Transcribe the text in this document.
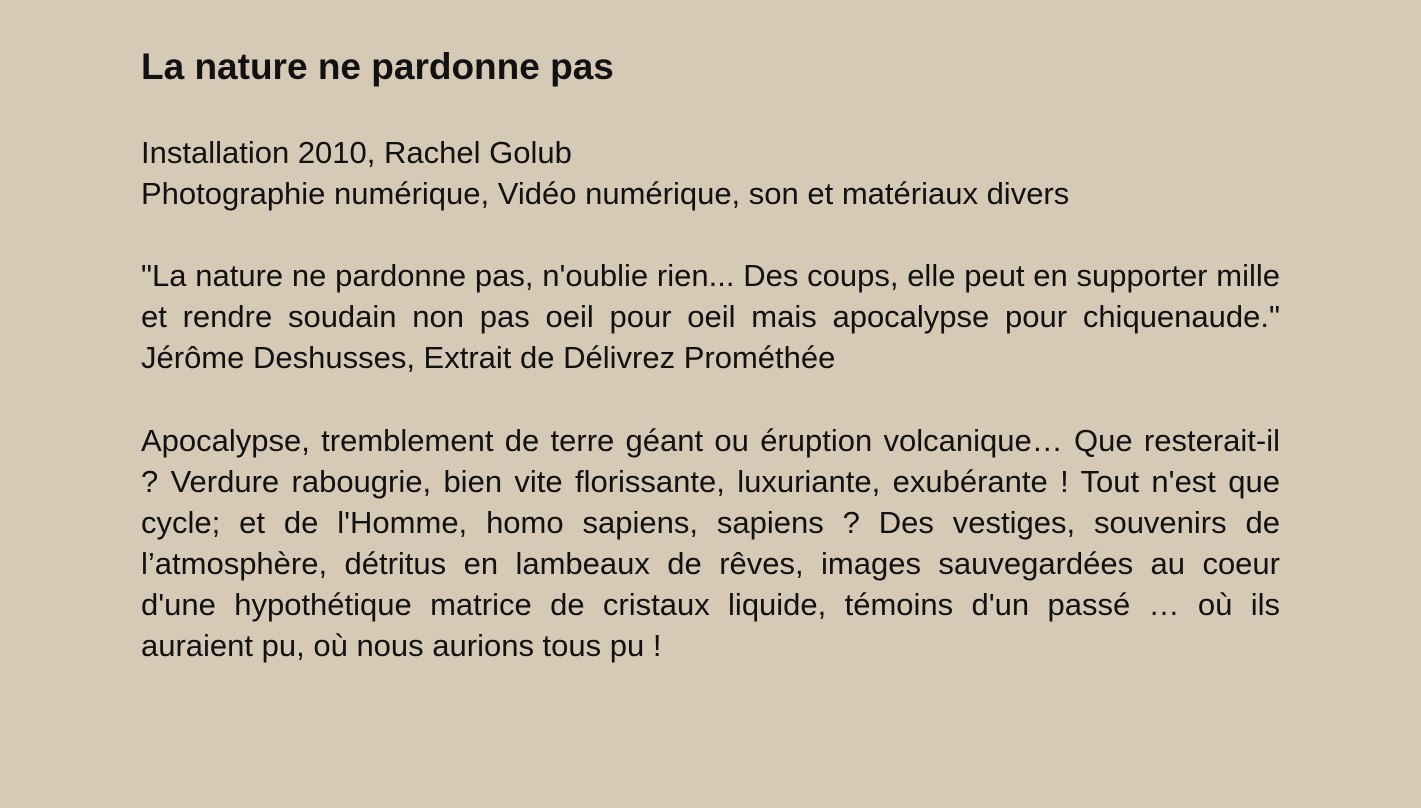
La nature ne pardonne pas
Installation 2010, Rachel Golub
Photographie numérique, Vidéo numérique, son et matériaux divers

"La nature ne pardonne pas, n'oublie rien... Des coups, elle peut en supporter mille et rendre soudain non pas oeil pour oeil mais apocalypse pour chiquenaude." Jérôme Deshusses, Extrait de Délivrez Prométhée

Apocalypse, tremblement de terre géant ou éruption volcanique… Que resterait-il ? Verdure rabougrie, bien vite florissante, luxuriante, exubérante ! Tout n'est que cycle; et de l'Homme, homo sapiens, sapiens ? Des vestiges, souvenirs de l’atmosphère, détritus en lambeaux de rêves, images sauvegardées au coeur d'une hypothétique matrice de cristaux liquide, témoins d'un passé … où ils auraient pu, où nous aurions tous pu !
